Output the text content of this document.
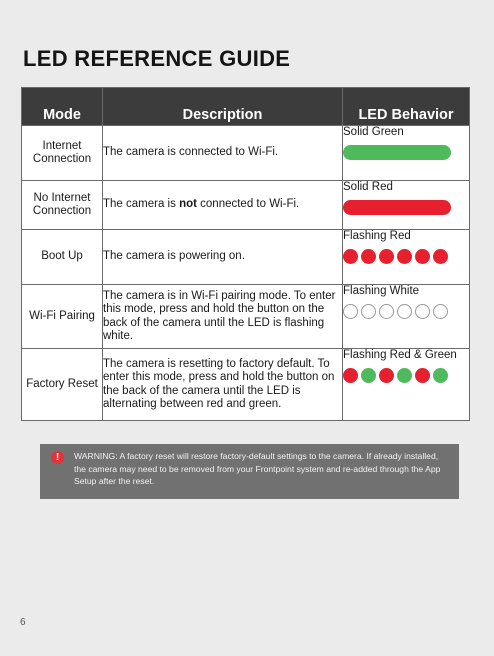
LED REFERENCE GUIDE
Mode	Description	LED Behavior
Internet Connection	The camera is connected to Wi-Fi.	Solid Green

No Internet Connection	The camera is not connected to Wi-Fi.	Solid Red

Boot Up	The camera is powering on.	Flashing Red

Wi-Fi Pairing	The camera is in Wi-Fi pairing mode. To enter this mode, press and hold the button on the back of the camera until the LED is flashing white.	Flashing White

Factory Reset	The camera is resetting to factory default. To enter this mode, press and hold the button on the back of the camera until the LED is alternating between red and green.	Flashing Red & Green
!	WARNING: A factory reset will restore factory-default settings to the camera. If already installed, the camera may need to be removed from your Frontpoint system and re-added through the App Setup after the reset.
6
